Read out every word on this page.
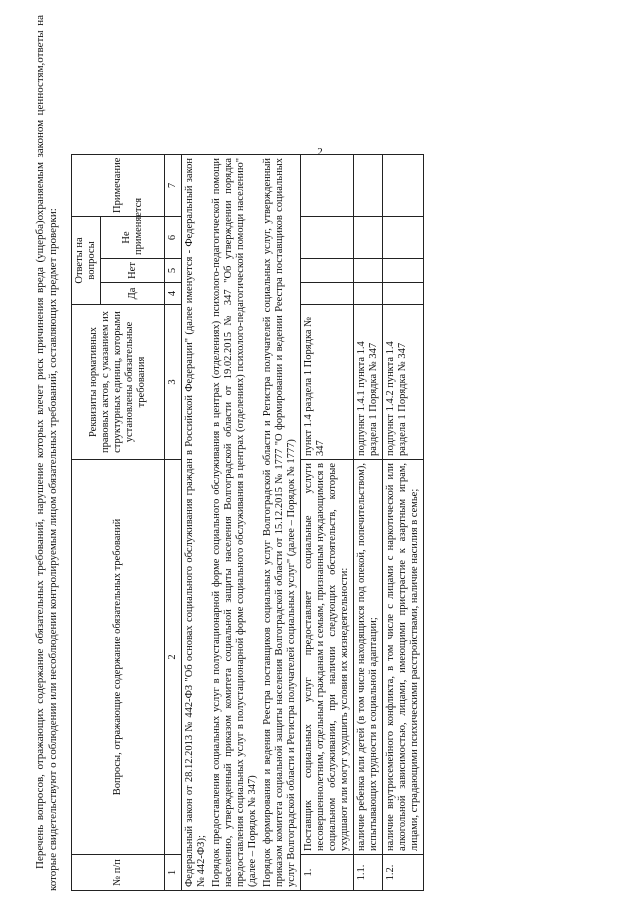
2

Перечень вопросов, отражающих содержание обязательных требований, нарушение которых влечет риск причинения вреда (ущерба)охраняемым законом ценностям,ответы на которые свидетельствуют о соблюдении или несоблюдении контролируемым лицом обязательных требований, составляющих предмет проверки:	№ п/п	Вопросы, отражающие содержание обязательных требований	Реквизиты нормативных правовых актов, с указанием их структурных единиц, которыми установлены обязательные требования	Ответы на вопросы			Примечание	
			Да	Нет	Не применяется		
1	2	3	4	5	6	7	
Федеральный закон от 28.12.2013 № 442-ФЗ "Об основах социального обслуживания граждан в Российской Федерации" (далее именуется - Федеральный закон № 442-ФЗ);							
Порядок предоставления социальных услуг в полустационарной форме социального обслуживания в центрах (отделениях) психолого-педагогической помощи населению, утвержденный приказом комитета социальной защиты населения Волгоградской области от 19.02.2015 № 347 "Об утверждении порядка предоставления социальных услуг в полустационарной форме социального обслуживания в центрах (отделениях) психолого-педагогической помощи населению" (далее – Порядок № 347)							
Порядок формирования и ведения Реестра поставщиков социальных услуг Волгоградской области и Регистра получателей социальных услуг, утвержденный приказом комитета социальной защиты населения Волгоградской области от 15.12.2015 № 1777 "О формировании и ведении Реестра поставщиков социальных услуг Волгоградской области и Регистра получателей социальных услуг" (далее – Порядок № 1777)							
1.	Поставщик социальных услуг предоставляет социальные услуги несовершеннолетним, отдельным гражданам и семьям, признанным нуждающимися в социальном обслуживании, при наличии следующих обстоятельств, которые ухудшают или могут ухудшить условия их жизнедеятельности:	пункт 1.4 раздела 1 Порядка № 347					
1.1.	наличие ребенка или детей (в том числе находящихся под опекой, попечительством), испытывающих трудности в социальной адаптации;	подпункт 1.4.1 пункта 1.4 раздела 1 Порядка № 347					
1.2.	наличие внутрисемейного конфликта, в том числе с лицами с наркотической или алкогольной зависимостью, лицами, имеющими пристрастие к азартным играм, лицами, страдающими психическими расстройствами, наличие насилия в семье;	подпункт 1.4.2 пункта 1.4 раздела 1 Порядка № 347					
